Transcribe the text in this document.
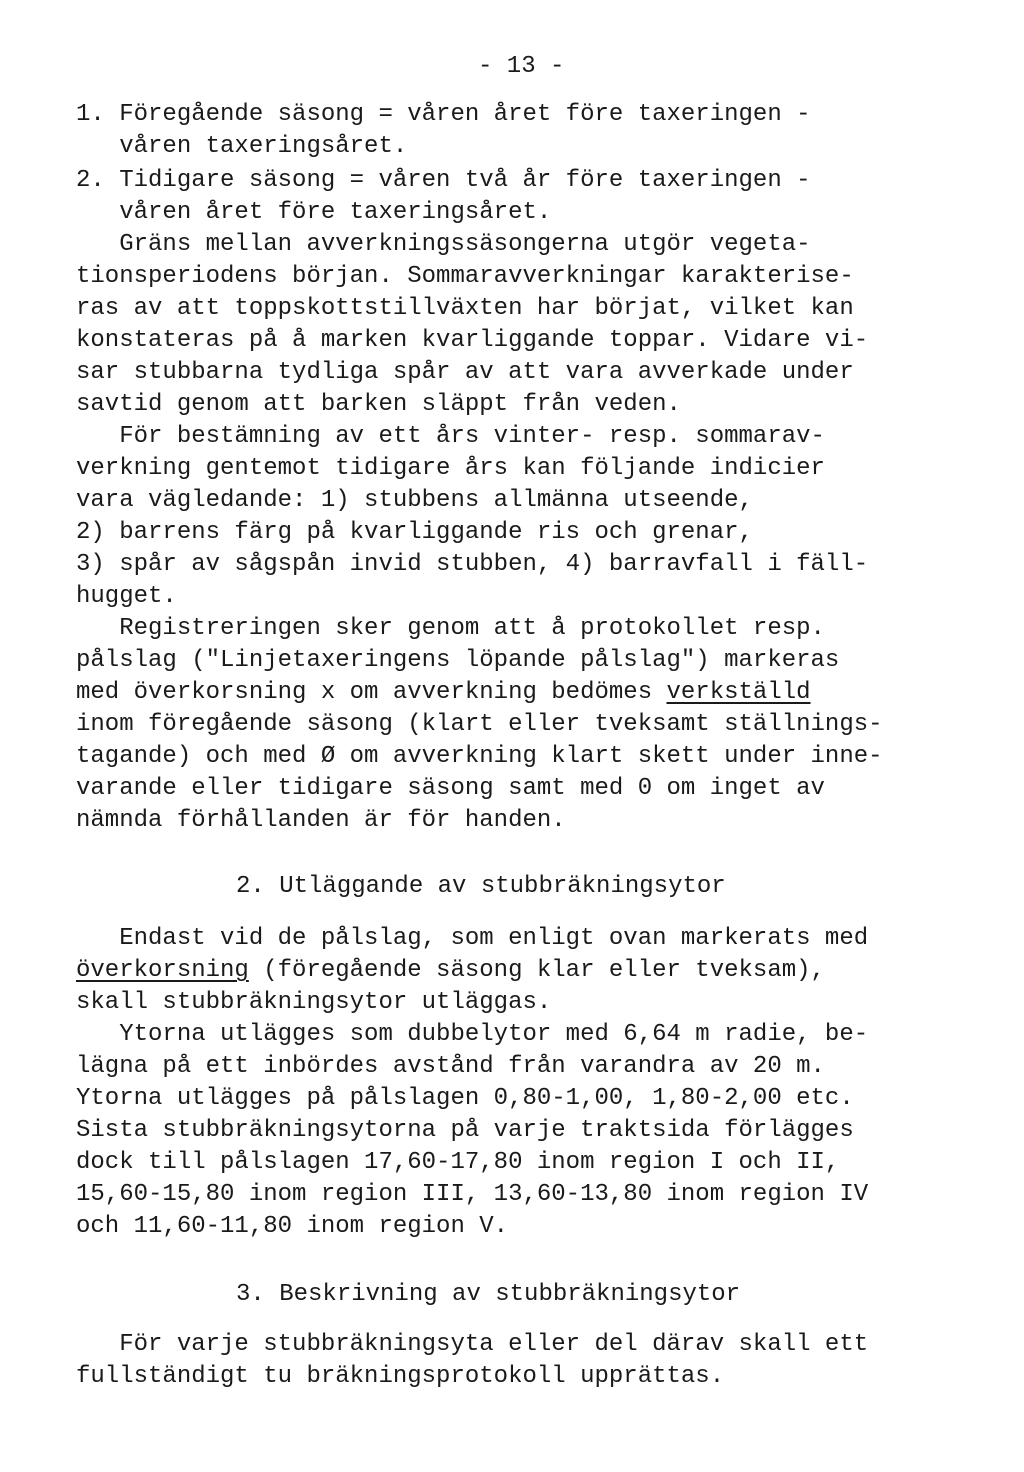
- 13 -
1. Föregående säsong = våren året före taxeringen -
våren taxeringsåret.
2. Tidigare säsong = våren två år före taxeringen -
våren året före taxeringsåret.
Gräns mellan avverkningssäsongerna utgör vegeta-
tionsperiodens början. Sommaravverkningar karakterise-
ras av att toppskottstillväxten har börjat, vilket kan
konstateras på å marken kvarliggande toppar. Vidare vi-
sar stubbarna tydliga spår av att vara avverkade under
savtid genom att barken släppt från veden.
För bestämning av ett års vinter- resp. sommarav-
verkning gentemot tidigare års kan följande indicier
vara vägledande: 1) stubbens allmänna utseende,
2) barrens färg på kvarliggande ris och grenar,
3) spår av sågspån invid stubben, 4) barravfall i fäll-
hugget.
Registreringen sker genom att å protokollet resp.
pålslag ("Linjetaxeringens löpande pålslag") markeras
med överkorsning x om avverkning bedömes verkställd
inom föregående säsong (klart eller tveksamt ställnings-
tagande) och med Ø om avverkning klart skett under inne-
varande eller tidigare säsong samt med 0 om inget av
nämnda förhållanden är för handen.
2. Utläggande av stubbräkningsytor
Endast vid de pålslag, som enligt ovan markerats med
överkorsning (föregående säsong klar eller tveksam),
skall stubbräkningsytor utläggas.
Ytorna utlägges som dubbelytor med 6,64 m radie, be-
lägna på ett inbördes avstånd från varandra av 20 m.
Ytorna utlägges på pålslagen 0,80-1,00, 1,80-2,00 etc.
Sista stubbräkningsytorna på varje traktsida förlägges
dock till pålslagen 17,60-17,80 inom region I och II,
15,60-15,80 inom region III, 13,60-13,80 inom region IV
och 11,60-11,80 inom region V.
3. Beskrivning av stubbräkningsytor
För varje stubbräkningsyta eller del därav skall ett
fullständigt tu bräkningsprotokoll upprättas.
